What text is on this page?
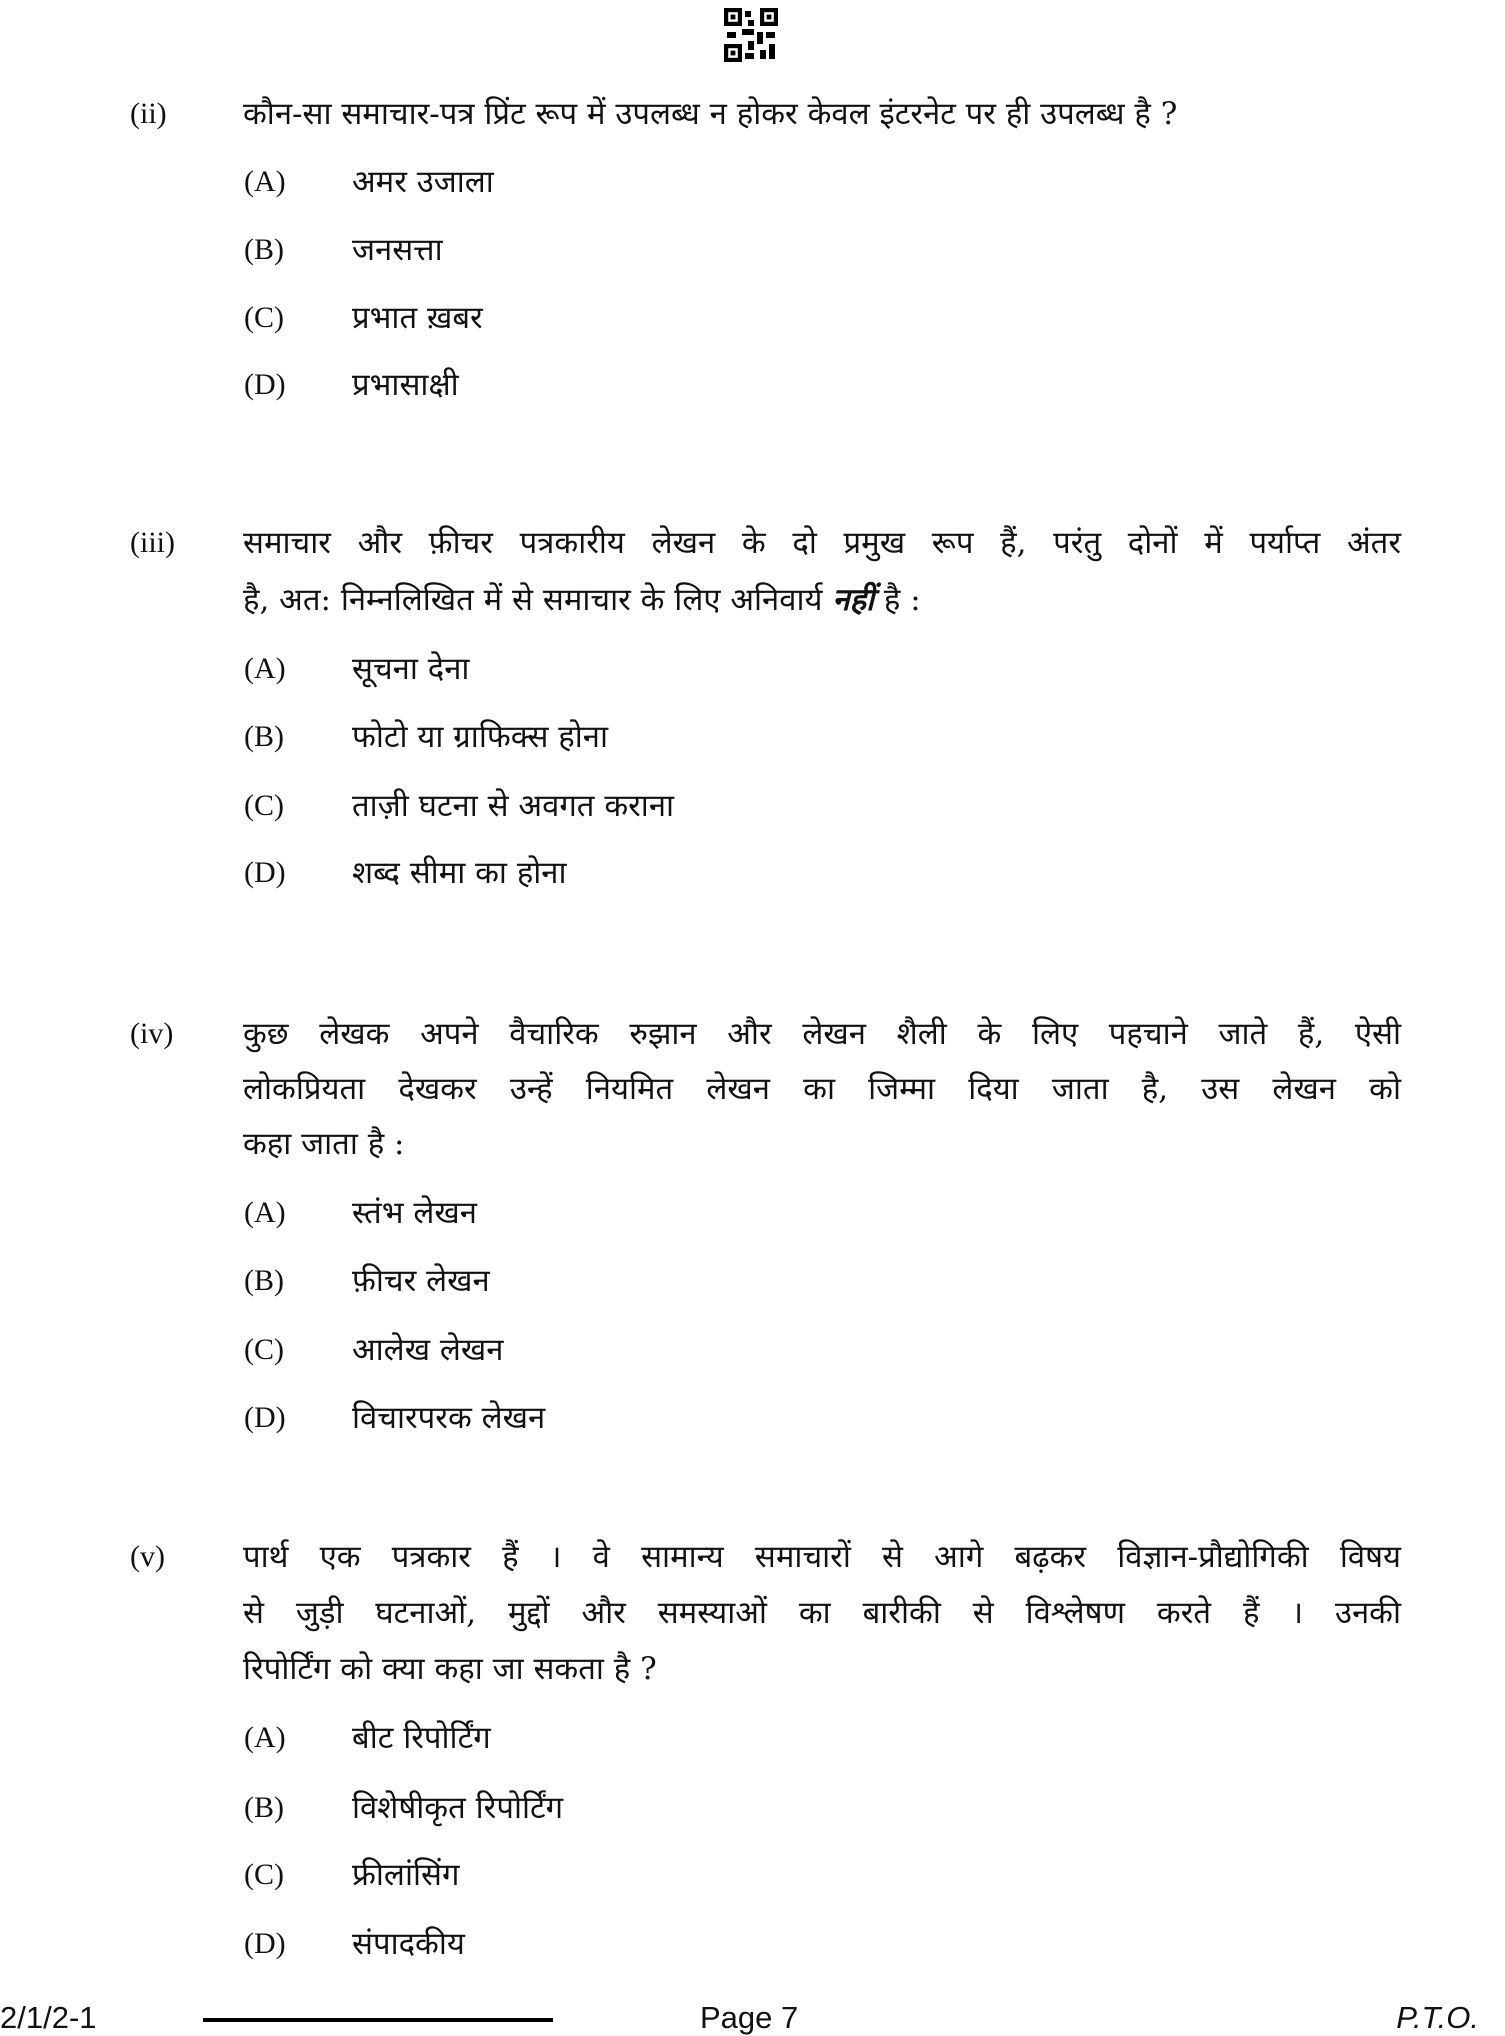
(ii) कौन-सा समाचार-पत्र प्रिंट रूप में उपलब्ध न होकर केवल इंटरनेट पर ही उपलब्ध है ?
(A) अमर उजाला
(B) जनसत्ता
(C) प्रभात ख़बर
(D) प्रभासाक्षी
(iii) समाचार और फ़ीचर पत्रकारीय लेखन के दो प्रमुख रूप हैं, परंतु दोनों में पर्याप्त अंतर
है, अत: निम्नलिखित में से समाचार के लिए अनिवार्य नहीं है :
(A) सूचना देना
(B) फोटो या ग्राफिक्स होना
(C) ताज़ी घटना से अवगत कराना
(D) शब्द सीमा का होना
(iv) कुछ लेखक अपने वैचारिक रुझान और लेखन शैली के लिए पहचाने जाते हैं, ऐसी
लोकप्रियता देखकर उन्हें नियमित लेखन का जिम्मा दिया जाता है, उस लेखन को
कहा जाता है :
(A) स्तंभ लेखन
(B) फ़ीचर लेखन
(C) आलेख लेखन
(D) विचारपरक लेखन
(v)	पार्थ एक पत्रकार हैं । वे सामान्य समाचारों से आगे बढ़कर विज्ञान-प्रौद्योगिकी विषय
से जुड़ी घटनाओं, मुद्दों और समस्याओं का बारीकी से विश्लेषण करते हैं । उनकी
रिपोर्टिंग को क्या कहा जा सकता है ?
(A) बीट रिपोर्टिंग
(B) विशेषीकृत रिपोर्टिंग
(C) फ्रीलांसिंग
(D) संपादकीय
2/1/2-1	Page 7	P.T.O.
